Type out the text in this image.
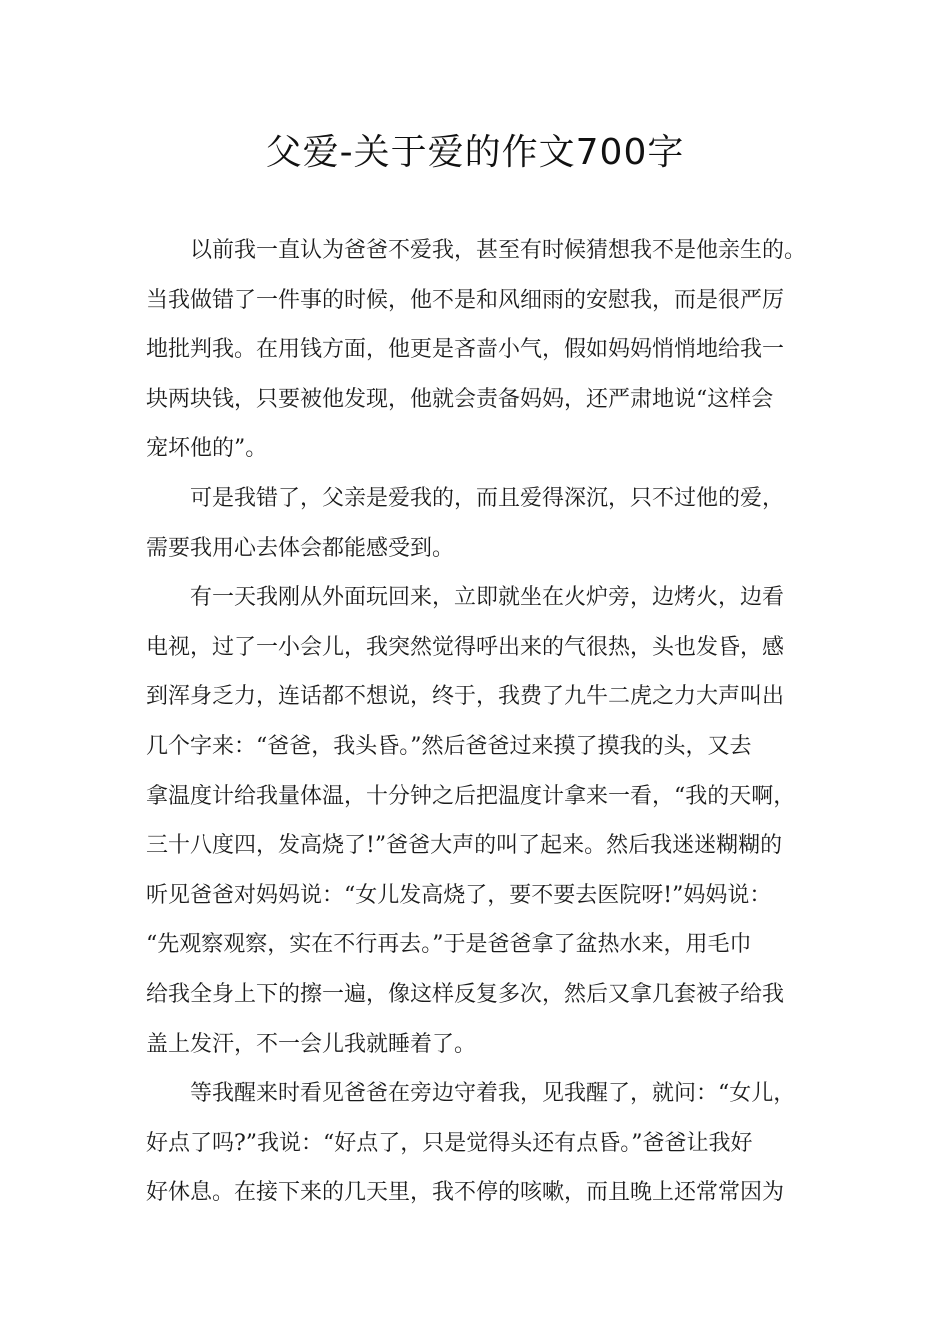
父爱-关于爱的作文700字
以前我一直认为爸爸不爱我，甚至有时候猜想我不是他亲生的。
当我做错了一件事的时候，他不是和风细雨的安慰我，而是很严厉
地批判我。在用钱方面，他更是吝啬小气，假如妈妈悄悄地给我一
块两块钱，只要被他发现，他就会责备妈妈，还严肃地说“这样会
宠坏他的”。
可是我错了，父亲是爱我的，而且爱得深沉，只不过他的爱，
需要我用心去体会都能感受到。
有一天我刚从外面玩回来，立即就坐在火炉旁，边烤火，边看
电视，过了一小会儿，我突然觉得呼出来的气很热，头也发昏，感
到浑身乏力，连话都不想说，终于，我费了九牛二虎之力大声叫出
几个字来：“爸爸，我头昏。”然后爸爸过来摸了摸我的头，又去
拿温度计给我量体温，十分钟之后把温度计拿来一看，“我的天啊，
三十八度四，发高烧了!”爸爸大声的叫了起来。然后我迷迷糊糊的
听见爸爸对妈妈说：“女儿发高烧了，要不要去医院呀!”妈妈说：
“先观察观察，实在不行再去。”于是爸爸拿了盆热水来，用毛巾
给我全身上下的擦一遍，像这样反复多次，然后又拿几套被子给我
盖上发汗，不一会儿我就睡着了。
等我醒来时看见爸爸在旁边守着我，见我醒了，就问：“女儿，
好点了吗?”我说：“好点了，只是觉得头还有点昏。”爸爸让我好
好休息。在接下来的几天里，我不停的咳嗽，而且晚上还常常因为
